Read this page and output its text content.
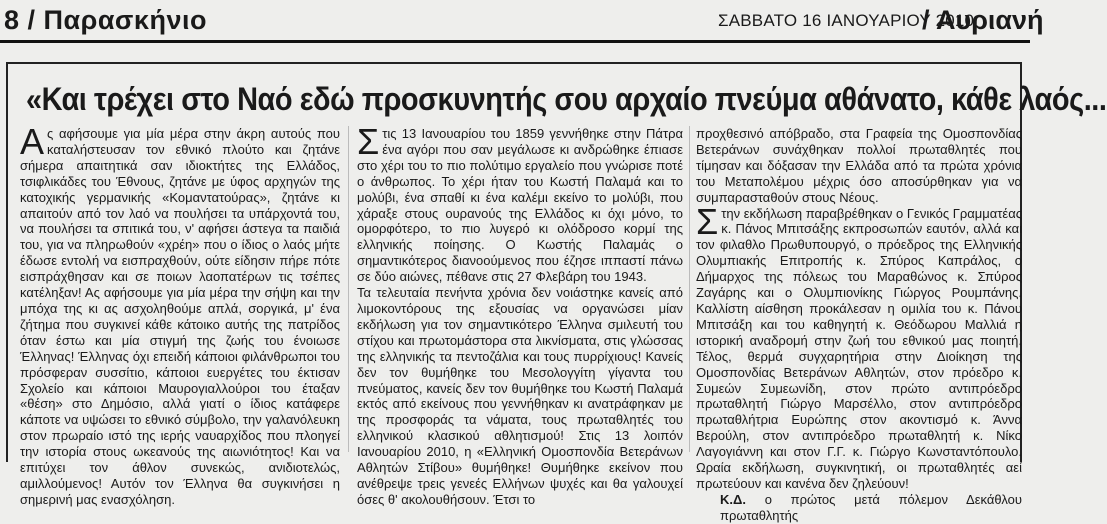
8 / Παρασκήνιο	ΣΑΒΒΑΤΟ 16 ΙΑΝΟΥΑΡΙΟΥ 2010
/ Αυριανή
«Και τρέχει στο Ναό εδώ προσκυνητής σου αρχαίο πνεύμα αθάνατο, κάθε λαός...

Ας αφήσουμε για μία μέρα στην άκρη αυτούς που καταλήστευσαν τον εθνικό πλούτο και ζητάνε σήμερα απαιτητικά σαν ιδιοκτήτες της Ελλάδος, τσιφλικάδες του Έθνους, ζητάνε με ύφος αρχηγών της κατοχικής γερμανικής «Κομαντατούρας», ζητάνε κι απαιτούν από τον λαό να πουλήσει τα υπάρχοντά του, να πουλήσει τα σπιτικά του, ν' αφήσει άστεγα τα παιδιά του, για να πληρωθούν «χρέη» που ο ίδιος ο λαός μήτε έδωσε εντολή να εισπραχθούν, ούτε είδησιν πήρε πότε εισπράχθησαν και σε ποιων λαοπατέρων τις τσέπες κατέληξαν! Ας αφήσουμε για μία μέρα την σήψη και την μπόχα της κι ας ασχοληθούμε απλά, σοργικά, μ' ένα ζήτημα που συγκινεί κάθε κάτοικο αυτής της πατρίδος όταν έστω και μία στιγμή της ζωής του ένοιωσε Έλληνας! Έλληνας όχι επειδή κάποιοι φιλάνθρωποι του πρόσφεραν συσσίτιο, κάποιοι ευεργέτες του έκτισαν Σχολείο και κάποιοι Μαυρογιαλλούροι του έταξαν «θέση» στο Δημόσιο, αλλά γιατί ο ίδιος κατάφερε κάποτε να υψώσει το εθνικό σύμβολο, την γαλανόλευκη στον πρωραίο ιστό της ιερής ναυαρχίδος που πλοηγεί την ιστορία στους ωκεανούς της αιωνιότητος! Και να επιτύχει τον άθλον συνεκώς, ανιδιοτελώς, αμιλλούμενος! Αυτόν τον Έλληνα θα συγκινήσει η σημερινή μας ενασχόληση.

Στις 13 Ιανουαρίου του 1859 γεννήθηκε στην Πάτρα ένα αγόρι που σαν μεγάλωσε κι ανδρώθηκε έπιασε στο χέρι του το πιο πολύτιμο εργαλείο που γνώρισε ποτέ ο άνθρωπος. Το χέρι ήταν του Κωστή Παλαμά και το μολύβι, ένα σπαθί κι ένα καλέμι εκείνο το μολύβι, που χάραξε στους ουρανούς της Ελλάδος κι όχι μόνο, το ομορφότερο, το πιο λυγερό κι ολόδροσο κορμί της ελληνικής ποίησης. Ο Κωστής Παλαμάς ο σημαντικότερος διανοούμενος που έζησε ιππαστί πάνω σε δύο αιώνες, πέθανε στις 27 Φλεβάρη του 1943.

Τα τελευταία πενήντα χρόνια δεν νοιάστηκε κανείς από λιμοκοντόρους της εξουσίας να οργανώσει μίαν εκδήλωση για τον σημαντικότερο Έλληνα σμιλευτή του στίχου και πρωτομάστορα στα λικνίσματα, στις γλώσσας της ελληνικής τα πεντοζάλια και τους πυρρίχιους! Κανείς δεν τον θυμήθηκε του Μεσολογγίτη γίγαντα του πνεύματος, κανείς δεν τον θυμήθηκε του Κωστή Παλαμά εκτός από εκείνους που γεννήθηκαν κι ανατράφηκαν με της προσφοράς τα νάματα, τους πρωταθλητές του ελληνικού κλασικού αθλητισμού! Στις 13 λοιπόν Ιανουαρίου 2010, η «Ελληνική Ομοσπονδία Βετεράνων Αθλητών Στίβου» θυμήθηκε! Θυμήθηκε εκείνον που ανέθρεψε τρεις γενεές Ελλήνων ψυχές και θα γαλουχεί όσες θ' ακολουθήσουν. Έτσι το

προχθεσινό απόβραδο, στα Γραφεία της Ομοσπονδίας Βετεράνων συνάχθηκαν πολλοί πρωταθλητές που τίμησαν και δόξασαν την Ελλάδα από τα πρώτα χρόνια του Μεταπολέμου μέχρις όσο αποσύρθηκαν για να συμπαρασταθούν στους Νέους.

Στην εκδήλωση παραβρέθηκαν ο Γενικός Γραμματέας κ. Πάνος Μπιτσάξης εκπροσωπών εαυτόν, αλλά και τον φιλαθλο Πρωθυπουργό, ο πρόεδρος της Ελληνικής Ολυμπιακής Επιτροπής κ. Σπύρος Καπράλος, ο Δήμαρχος της πόλεως του Μαραθώνος κ. Σπύρος Ζαγάρης και ο Ολυμπιονίκης Γιώργος Ρουμπάνης. Καλλίστη αίσθηση προκάλεσαν η ομιλία του κ. Πάνου Μπιτσάξη και του καθηγητή κ. Θεόδωρου Μαλλιά η ιστορική αναδρομή στην ζωή του εθνικού μας ποιητή. Τέλος, θερμά συγχαρητήρια στην Διοίκηση της Ομοσπονδίας Βετεράνων Αθλητών, στον πρόεδρο κ. Συμεών Συμεωνίδη, στον πρώτο αντιπρόεδρο πρωταθλητή Γιώργο Μαρσέλλο, στον αντιπρόεδρο πρωταθλήτρια Ευρώπης στον ακοντισμό κ. Άννα Βερούλη, στον αντιπρόεδρο πρωταθλητή κ. Νίκο Λαγογιάννη και στον Γ.Γ. κ. Γιώργο Κωνσταντόπουλο. Ωραία εκδήλωση, συγκινητική, οι πρωταθλητές αεί πρωτεύουν και κανένα δεν ζηλεύουν!

Κ.Δ. ο πρώτος μετά πόλεμον Δεκάθλου πρωταθλητής
